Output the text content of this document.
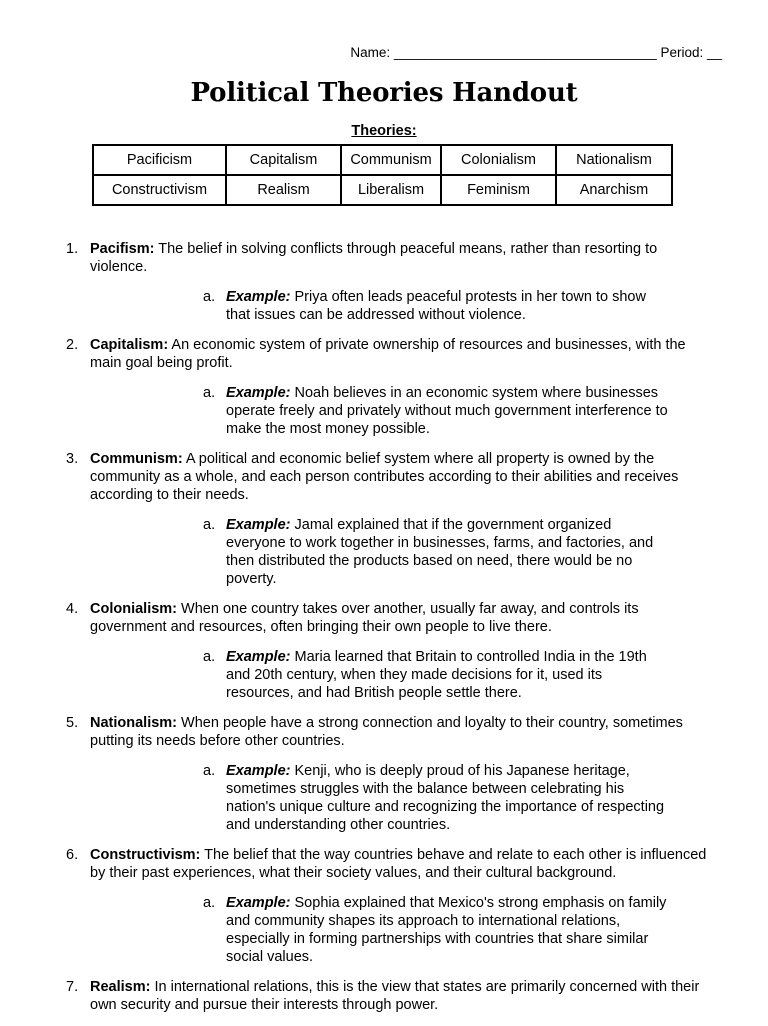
Name: ___________________________________ Period: __
Political Theories Handout
Theories:
Pacificism	Capitalism	Communism	Colonialism	Nationalism
Constructivism	Realism	Liberalism	Feminism	Anarchism
1. Pacifism: The belief in solving conflicts through peaceful means, rather than resorting to violence.
a. Example: Priya often leads peaceful protests in her town to show that issues can be addressed without violence.
2. Capitalism: An economic system of private ownership of resources and businesses, with the main goal being profit.
a. Example: Noah believes in an economic system where businesses operate freely and privately without much government interference to make the most money possible.
3. Communism: A political and economic belief system where all property is owned by the community as a whole, and each person contributes according to their abilities and receives according to their needs.
a. Example: Jamal explained that if the government organized everyone to work together in businesses, farms, and factories, and then distributed the products based on need, there would be no poverty.
4. Colonialism: When one country takes over another, usually far away, and controls its government and resources, often bringing their own people to live there.
a. Example: Maria learned that Britain to controlled India in the 19th and 20th century, when they made decisions for it, used its resources, and had British people settle there.
5. Nationalism: When people have a strong connection and loyalty to their country, sometimes putting its needs before other countries.
a. Example: Kenji, who is deeply proud of his Japanese heritage, sometimes struggles with the balance between celebrating his nation's unique culture and recognizing the importance of respecting and understanding other countries.
6. Constructivism: The belief that the way countries behave and relate to each other is influenced by their past experiences, what their society values, and their cultural background.
a. Example: Sophia explained that Mexico's strong emphasis on family and community shapes its approach to international relations, especially in forming partnerships with countries that share similar social values.
7. Realism: In international relations, this is the view that states are primarily concerned with their own security and pursue their interests through power.
